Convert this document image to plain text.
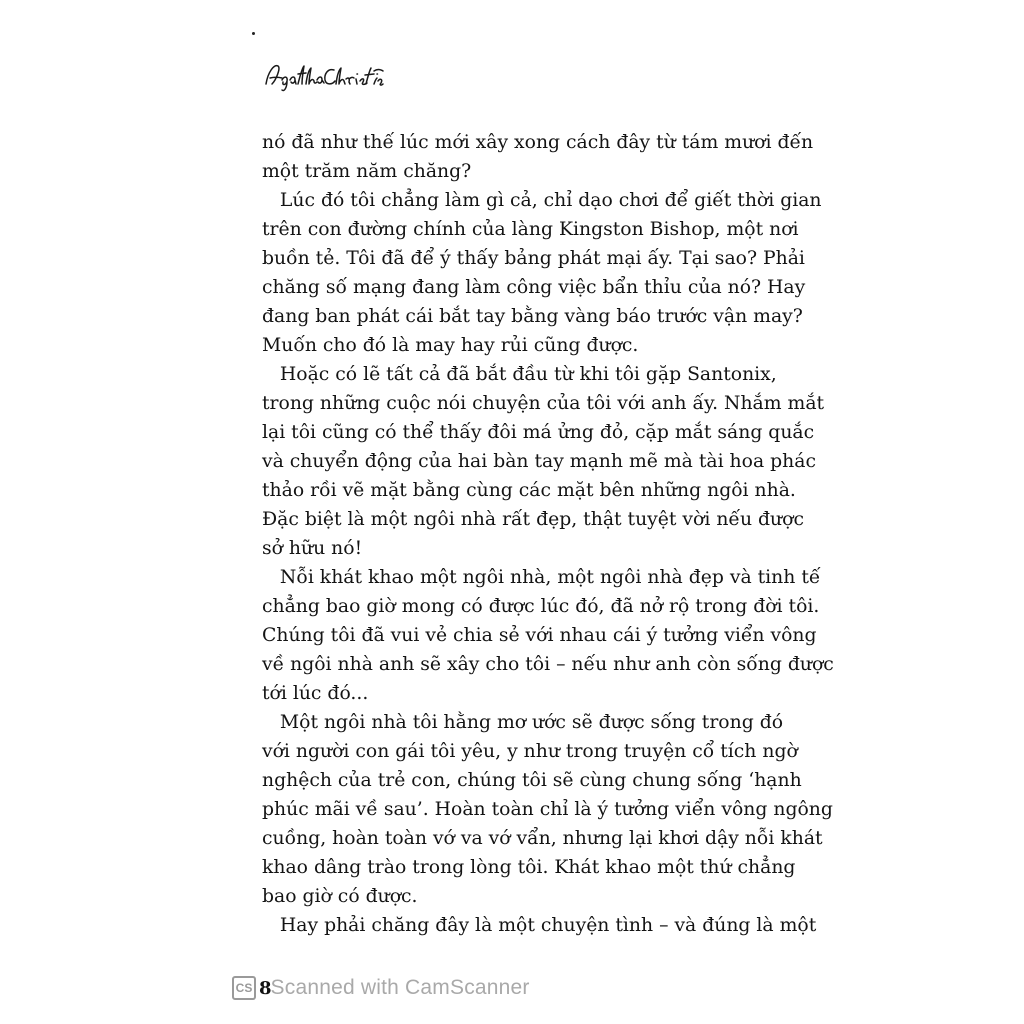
nó đã như thế lúc mới xây xong cách đây từ tám mươi đến
một trăm năm chăng?
Lúc đó tôi chẳng làm gì cả, chỉ dạo chơi để giết thời gian
trên con đường chính của làng Kingston Bishop, một nơi
buồn tẻ. Tôi đã để ý thấy bảng phát mại ấy. Tại sao? Phải
chăng số mạng đang làm công việc bẩn thỉu của nó? Hay
đang ban phát cái bắt tay bằng vàng báo trước vận may?
Muốn cho đó là may hay rủi cũng được.
Hoặc có lẽ tất cả đã bắt đầu từ khi tôi gặp Santonix,
trong những cuộc nói chuyện của tôi với anh ấy. Nhắm mắt
lại tôi cũng có thể thấy đôi má ửng đỏ, cặp mắt sáng quắc
và chuyển động của hai bàn tay mạnh mẽ mà tài hoa phác
thảo rồi vẽ mặt bằng cùng các mặt bên những ngôi nhà.
Đặc biệt là một ngôi nhà rất đẹp, thật tuyệt vời nếu được
sở hữu nó!
Nỗi khát khao một ngôi nhà, một ngôi nhà đẹp và tinh tế
chẳng bao giờ mong có được lúc đó, đã nở rộ trong đời tôi.
Chúng tôi đã vui vẻ chia sẻ với nhau cái ý tưởng viển vông
về ngôi nhà anh sẽ xây cho tôi – nếu như anh còn sống được
tới lúc đó...
Một ngôi nhà tôi hằng mơ ước sẽ được sống trong đó
với người con gái tôi yêu, y như trong truyện cổ tích ngờ
nghệch của trẻ con, chúng tôi sẽ cùng chung sống ‘hạnh
phúc mãi về sau’. Hoàn toàn chỉ là ý tưởng viển vông ngông
cuồng, hoàn toàn vớ va vớ vẩn, nhưng lại khơi dậy nỗi khát
khao dâng trào trong lòng tôi. Khát khao một thứ chẳng
bao giờ có được.
Hay phải chăng đây là một chuyện tình – và đúng là một
CS 8 Scanned with CamScanner
